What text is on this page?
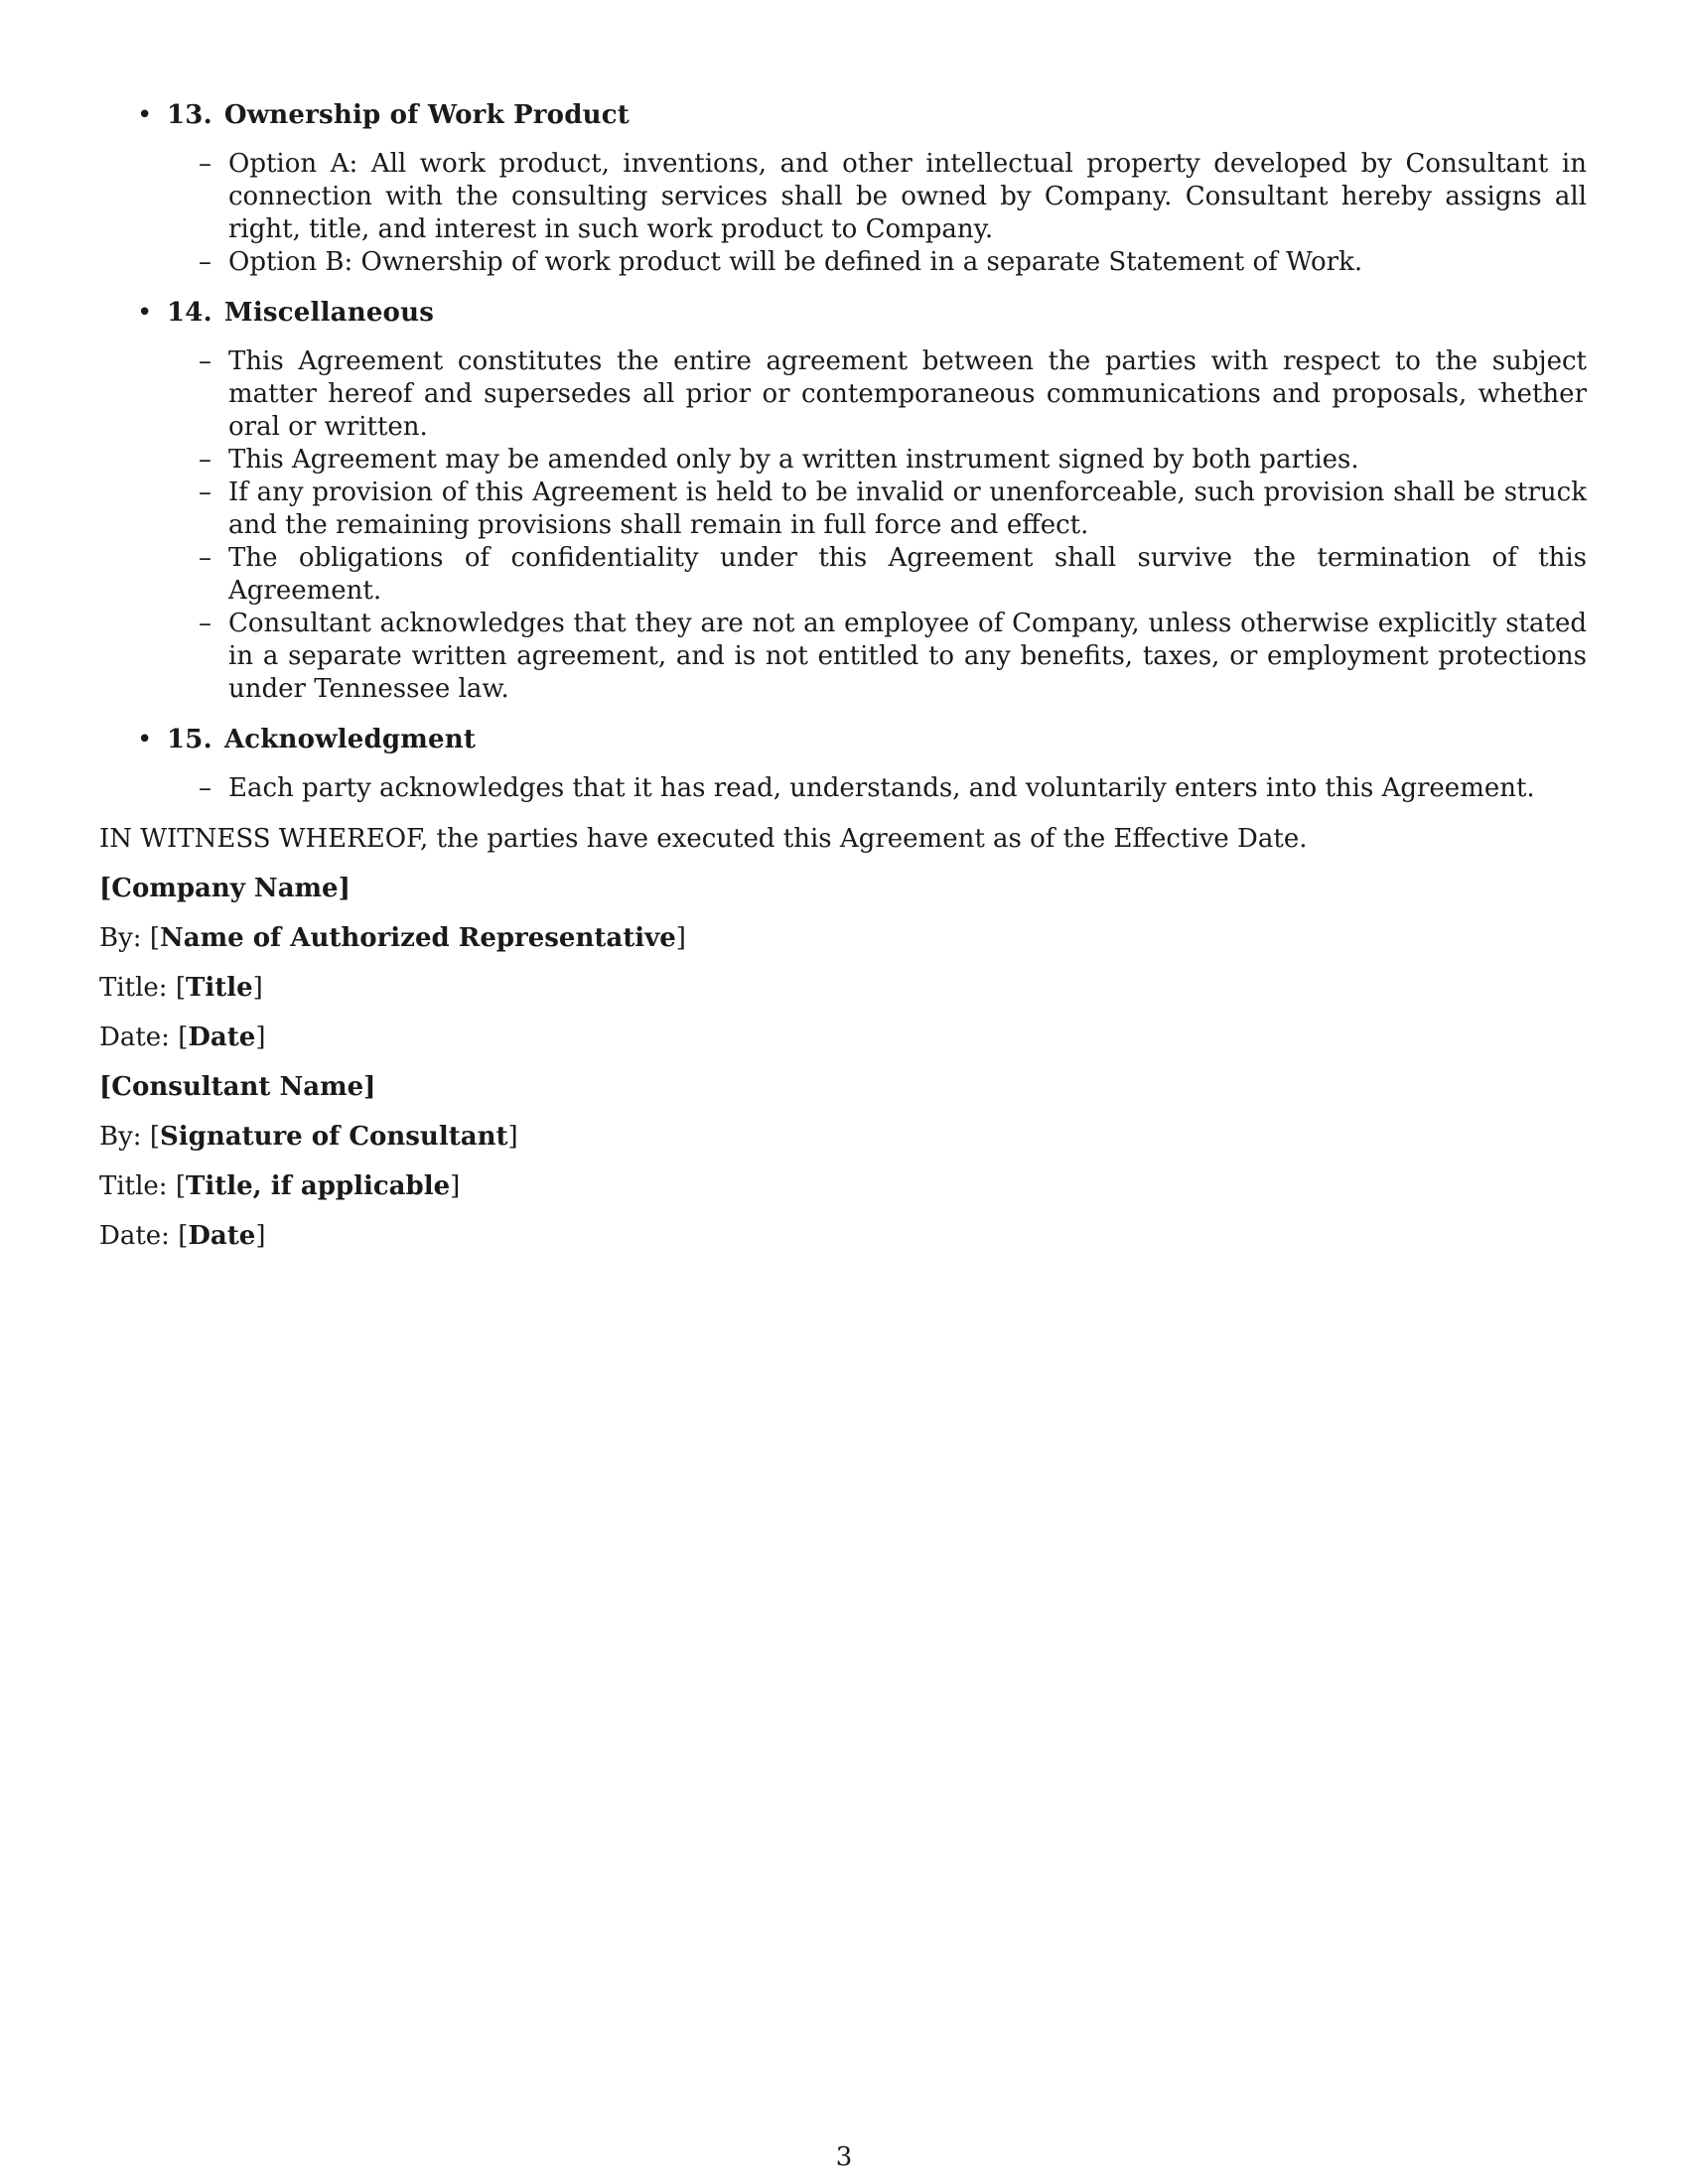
• 13. Ownership of Work Product
– Option A: All work product, inventions, and other intellectual property developed by Consultant in connection with the consulting services shall be owned by Company. Consultant hereby assigns all right, title, and interest in such work product to Company.
– Option B: Ownership of work product will be defined in a separate Statement of Work.
• 14. Miscellaneous
– This Agreement constitutes the entire agreement between the parties with respect to the subject matter hereof and supersedes all prior or contemporaneous communications and proposals, whether oral or written.
– This Agreement may be amended only by a written instrument signed by both parties.
– If any provision of this Agreement is held to be invalid or unenforceable, such provision shall be struck and the remaining provisions shall remain in full force and effect.
– The obligations of confidentiality under this Agreement shall survive the termination of this Agreement.
– Consultant acknowledges that they are not an employee of Company, unless otherwise explicitly stated in a separate written agreement, and is not entitled to any benefits, taxes, or employment protections under Tennessee law.
• 15. Acknowledgment
– Each party acknowledges that it has read, understands, and voluntarily enters into this Agreement.

IN WITNESS WHEREOF, the parties have executed this Agreement as of the Effective Date.

[Company Name]

By: [Name of Authorized Representative]

Title: [Title]

Date: [Date]

[Consultant Name]

By: [Signature of Consultant]

Title: [Title, if applicable]

Date: [Date]

3
